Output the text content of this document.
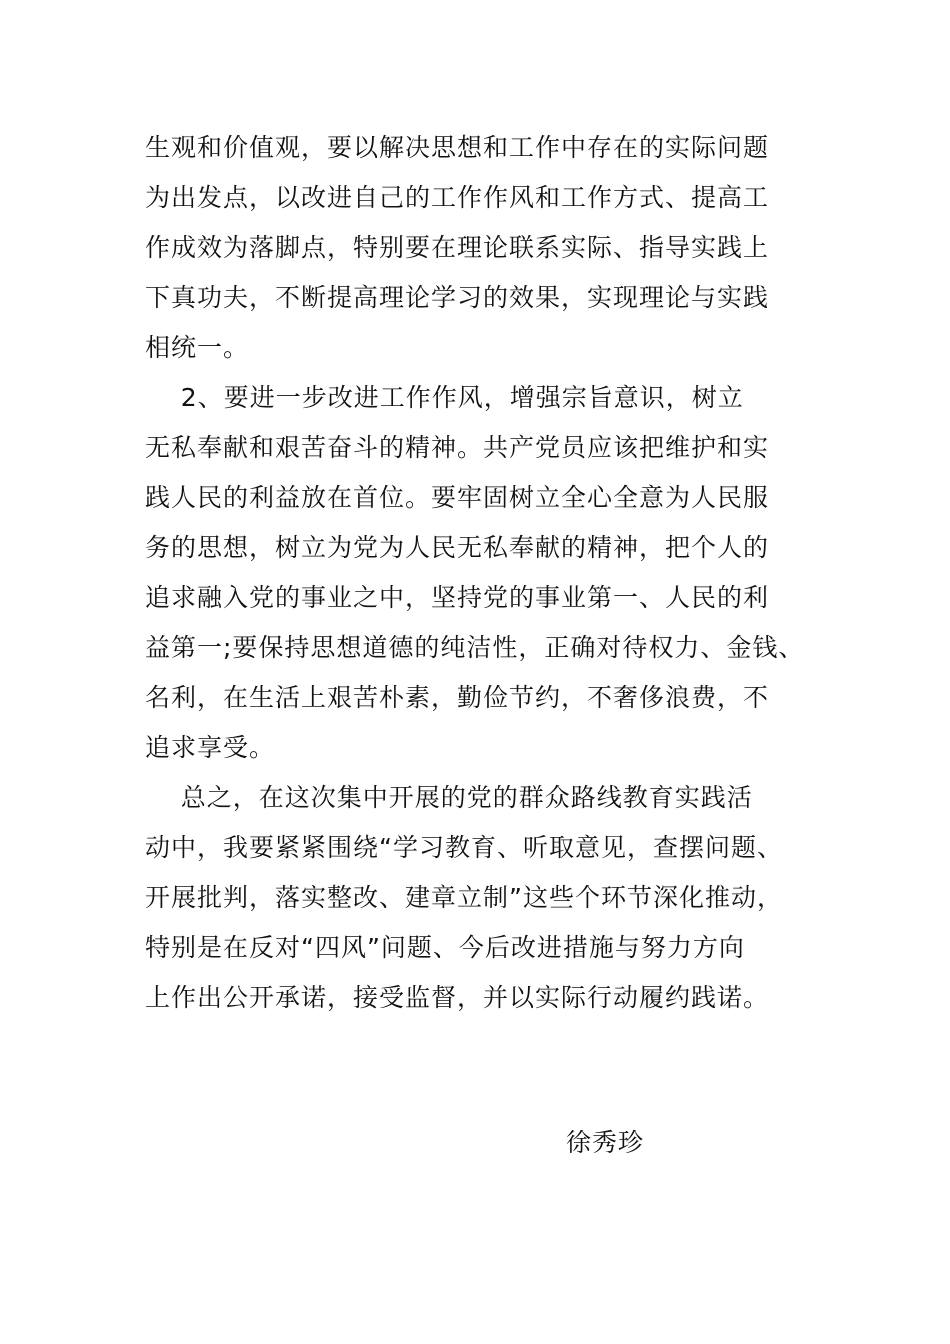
生观和价值观，要以解决思想和工作中存在的实际问题
为出发点，以改进自己的工作作风和工作方式、提高工
作成效为落脚点，特别要在理论联系实际、指导实践上
下真功夫，不断提高理论学习的效果，实现理论与实践
相统一。
2、要进一步改进工作作风，增强宗旨意识，树立
无私奉献和艰苦奋斗的精神。共产党员应该把维护和实
践人民的利益放在首位。要牢固树立全心全意为人民服
务的思想，树立为党为人民无私奉献的精神，把个人的
追求融入党的事业之中，坚持党的事业第一、人民的利
益第一;要保持思想道德的纯洁性，正确对待权力、金钱、
名利，在生活上艰苦朴素，勤俭节约，不奢侈浪费，不
追求享受。
总之，在这次集中开展的党的群众路线教育实践活
动中，我要紧紧围绕“学习教育、听取意见，查摆问题、
开展批判，落实整改、建章立制”这些个环节深化推动，
特别是在反对“四风”问题、今后改进措施与努力方向
上作出公开承诺，接受监督，并以实际行动履约践诺。
徐秀珍
